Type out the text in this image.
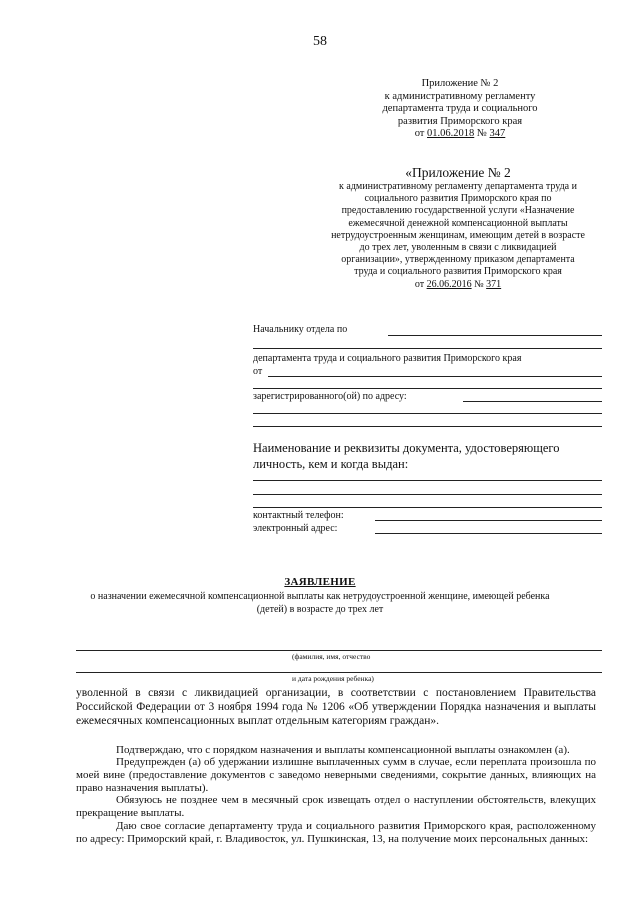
58
Приложение № 2
к административному регламенту
департамента труда и социального
развития Приморского края
от 01.06.2018 № 347
«Приложение № 2
к административному регламенту департамента труда и
социального развития Приморского края по
предоставлению государственной услуги «Назначение
ежемесячной денежной компенсационной выплаты
нетрудоустроенным женщинам, имеющим детей в возрасте
до трех лет, уволенным в связи с ликвидацией
организации», утвержденному приказом департамента
труда и социального развития Приморского края
от 26.06.2016 № 371
Начальнику отдела по
департамента труда и социального развития Приморского края
от
зарегистрированного(ой) по адресу:
Наименование и реквизиты документа, удостоверяющего личность, кем и когда выдан:
контактный телефон:
электронный адрес:
ЗАЯВЛЕНИЕ
о назначении ежемесячной компенсационной выплаты как нетрудоустроенной женщине, имеющей ребенка (детей) в возрасте до трех лет
(фамилия, имя, отчество
и дата рождения ребенка)
уволенной в связи с ликвидацией организации, в соответствии с постановлением Правительства Российской Федерации от 3 ноября 1994 года № 1206 «Об утверждении Порядка назначения и выплаты ежемесячных компенсационных выплат отдельным категориям граждан».
Подтверждаю, что с порядком назначения и выплаты компенсационной выплаты ознакомлен (а).
Предупрежден (а) об удержании излишне выплаченных сумм в случае, если переплата произошла по моей вине (предоставление документов с заведомо неверными сведениями, сокрытие данных, влияющих на право назначения выплаты).
Обязуюсь не позднее чем в месячный срок извещать отдел о наступлении обстоятельств, влекущих прекращение выплаты.
Даю свое согласие департаменту труда и социального развития Приморского края, расположенному по адресу: Приморский край, г. Владивосток, ул. Пушкинская, 13, на получение моих персональных данных:
